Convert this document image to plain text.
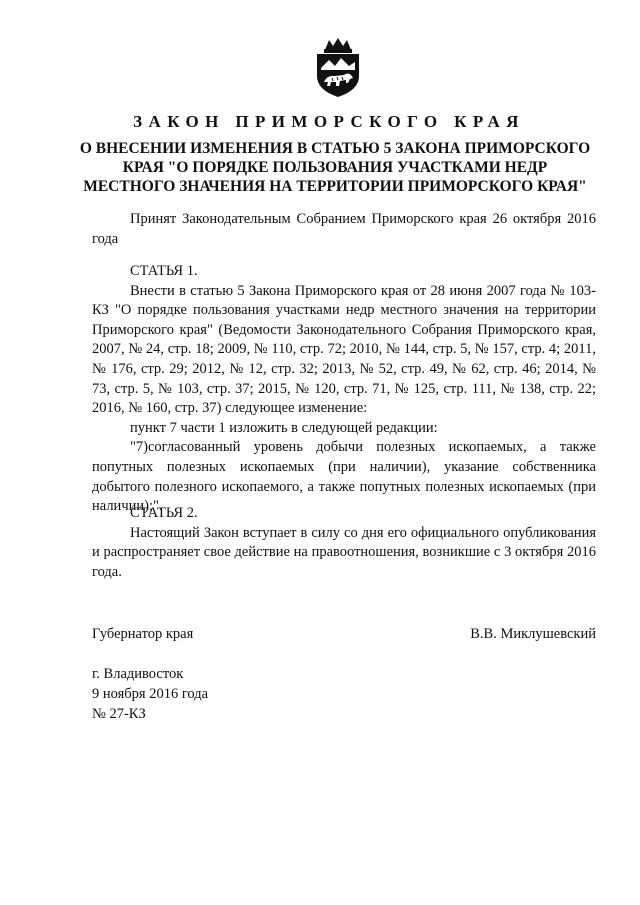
ЗАКОН ПРИМОРСКОГО КРАЯ
О ВНЕСЕНИИ ИЗМЕНЕНИЯ В СТАТЬЮ 5 ЗАКОНА ПРИМОРСКОГО
КРАЯ "О ПОРЯДКЕ ПОЛЬЗОВАНИЯ УЧАСТКАМИ НЕДР
МЕСТНОГО ЗНАЧЕНИЯ НА ТЕРРИТОРИИ ПРИМОРСКОГО КРАЯ"

Принят Законодательным Собранием Приморского края 26 октября 2016 года

СТАТЬЯ 1.

Внести в статью 5 Закона Приморского края от 28 июня 2007 года № 103-КЗ "О порядке пользования участками недр местного значения на территории Приморского края" (Ведомости Законодательного Собрания Приморского края, 2007, № 24, стр. 18; 2009, № 110, стр. 72; 2010, № 144, стр. 5, № 157, стр. 4; 2011, № 176, стр. 29; 2012, № 12, стр. 32; 2013, № 52, стр. 49, № 62, стр. 46; 2014, № 73, стр. 5, № 103, стр. 37; 2015, № 120, стр. 71, № 125, стр. 111, № 138, стр. 22; 2016, № 160, стр. 37) следующее изменение:

пункт 7 части 1 изложить в следующей редакции:

"7)согласованный уровень добычи полезных ископаемых, а также попутных полезных ископаемых (при наличии), указание собственника добытого полезного ископаемого, а также попутных полезных ископаемых (при наличии);".

СТАТЬЯ 2.

Настоящий Закон вступает в силу со дня его официального опубликования и распространяет свое действие на правоотношения, возникшие с 3 октября 2016 года.

Губернатор края	В.В. Миклушевский
г. Владивосток
9 ноября 2016 года
№ 27-КЗ
